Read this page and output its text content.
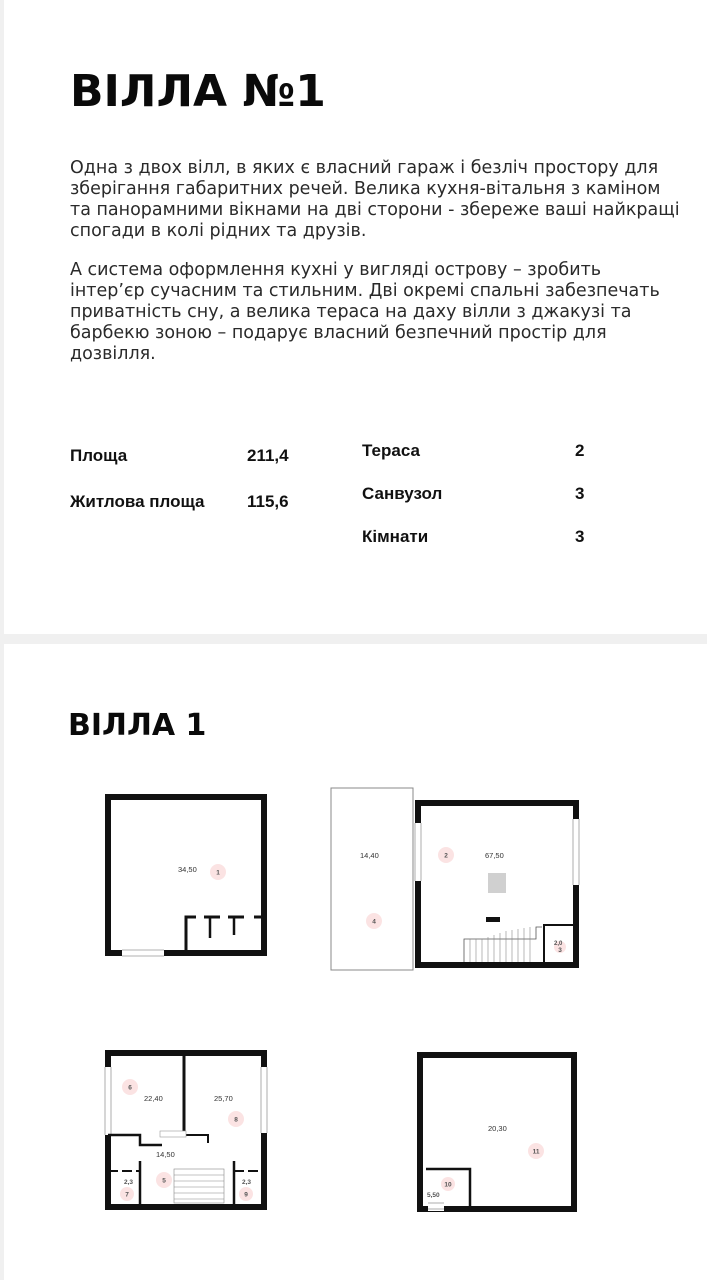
ВІЛЛА №1

Одна з двох вілл, в яких є власний гараж і безліч простору для зберігання габаритних речей. Велика кухня-вітальня з каміном та панорамними вікнами на дві сторони - збереже ваші найкращі спогади в колі рідних та друзів.

А система оформлення кухні у вигляді острову – зробить інтер’єр сучасним та стильним. Дві окремі спальні забезпечать приватність сну, а велика тераса на даху вілли з джакузі та барбекю зоною – подарує власний безпечний простір для дозвілля.

Площа	211,4
Житлова площа 115,6
Тераса	2
Санвузол	3
Кімнати	3
ВІЛЛА 1
34,50	1
14,40
4
2	67,50
2,0
3
6
22,40	25,70
8
14,50
5
2,3
7
2,3
9
20,30
11
10
5,50
